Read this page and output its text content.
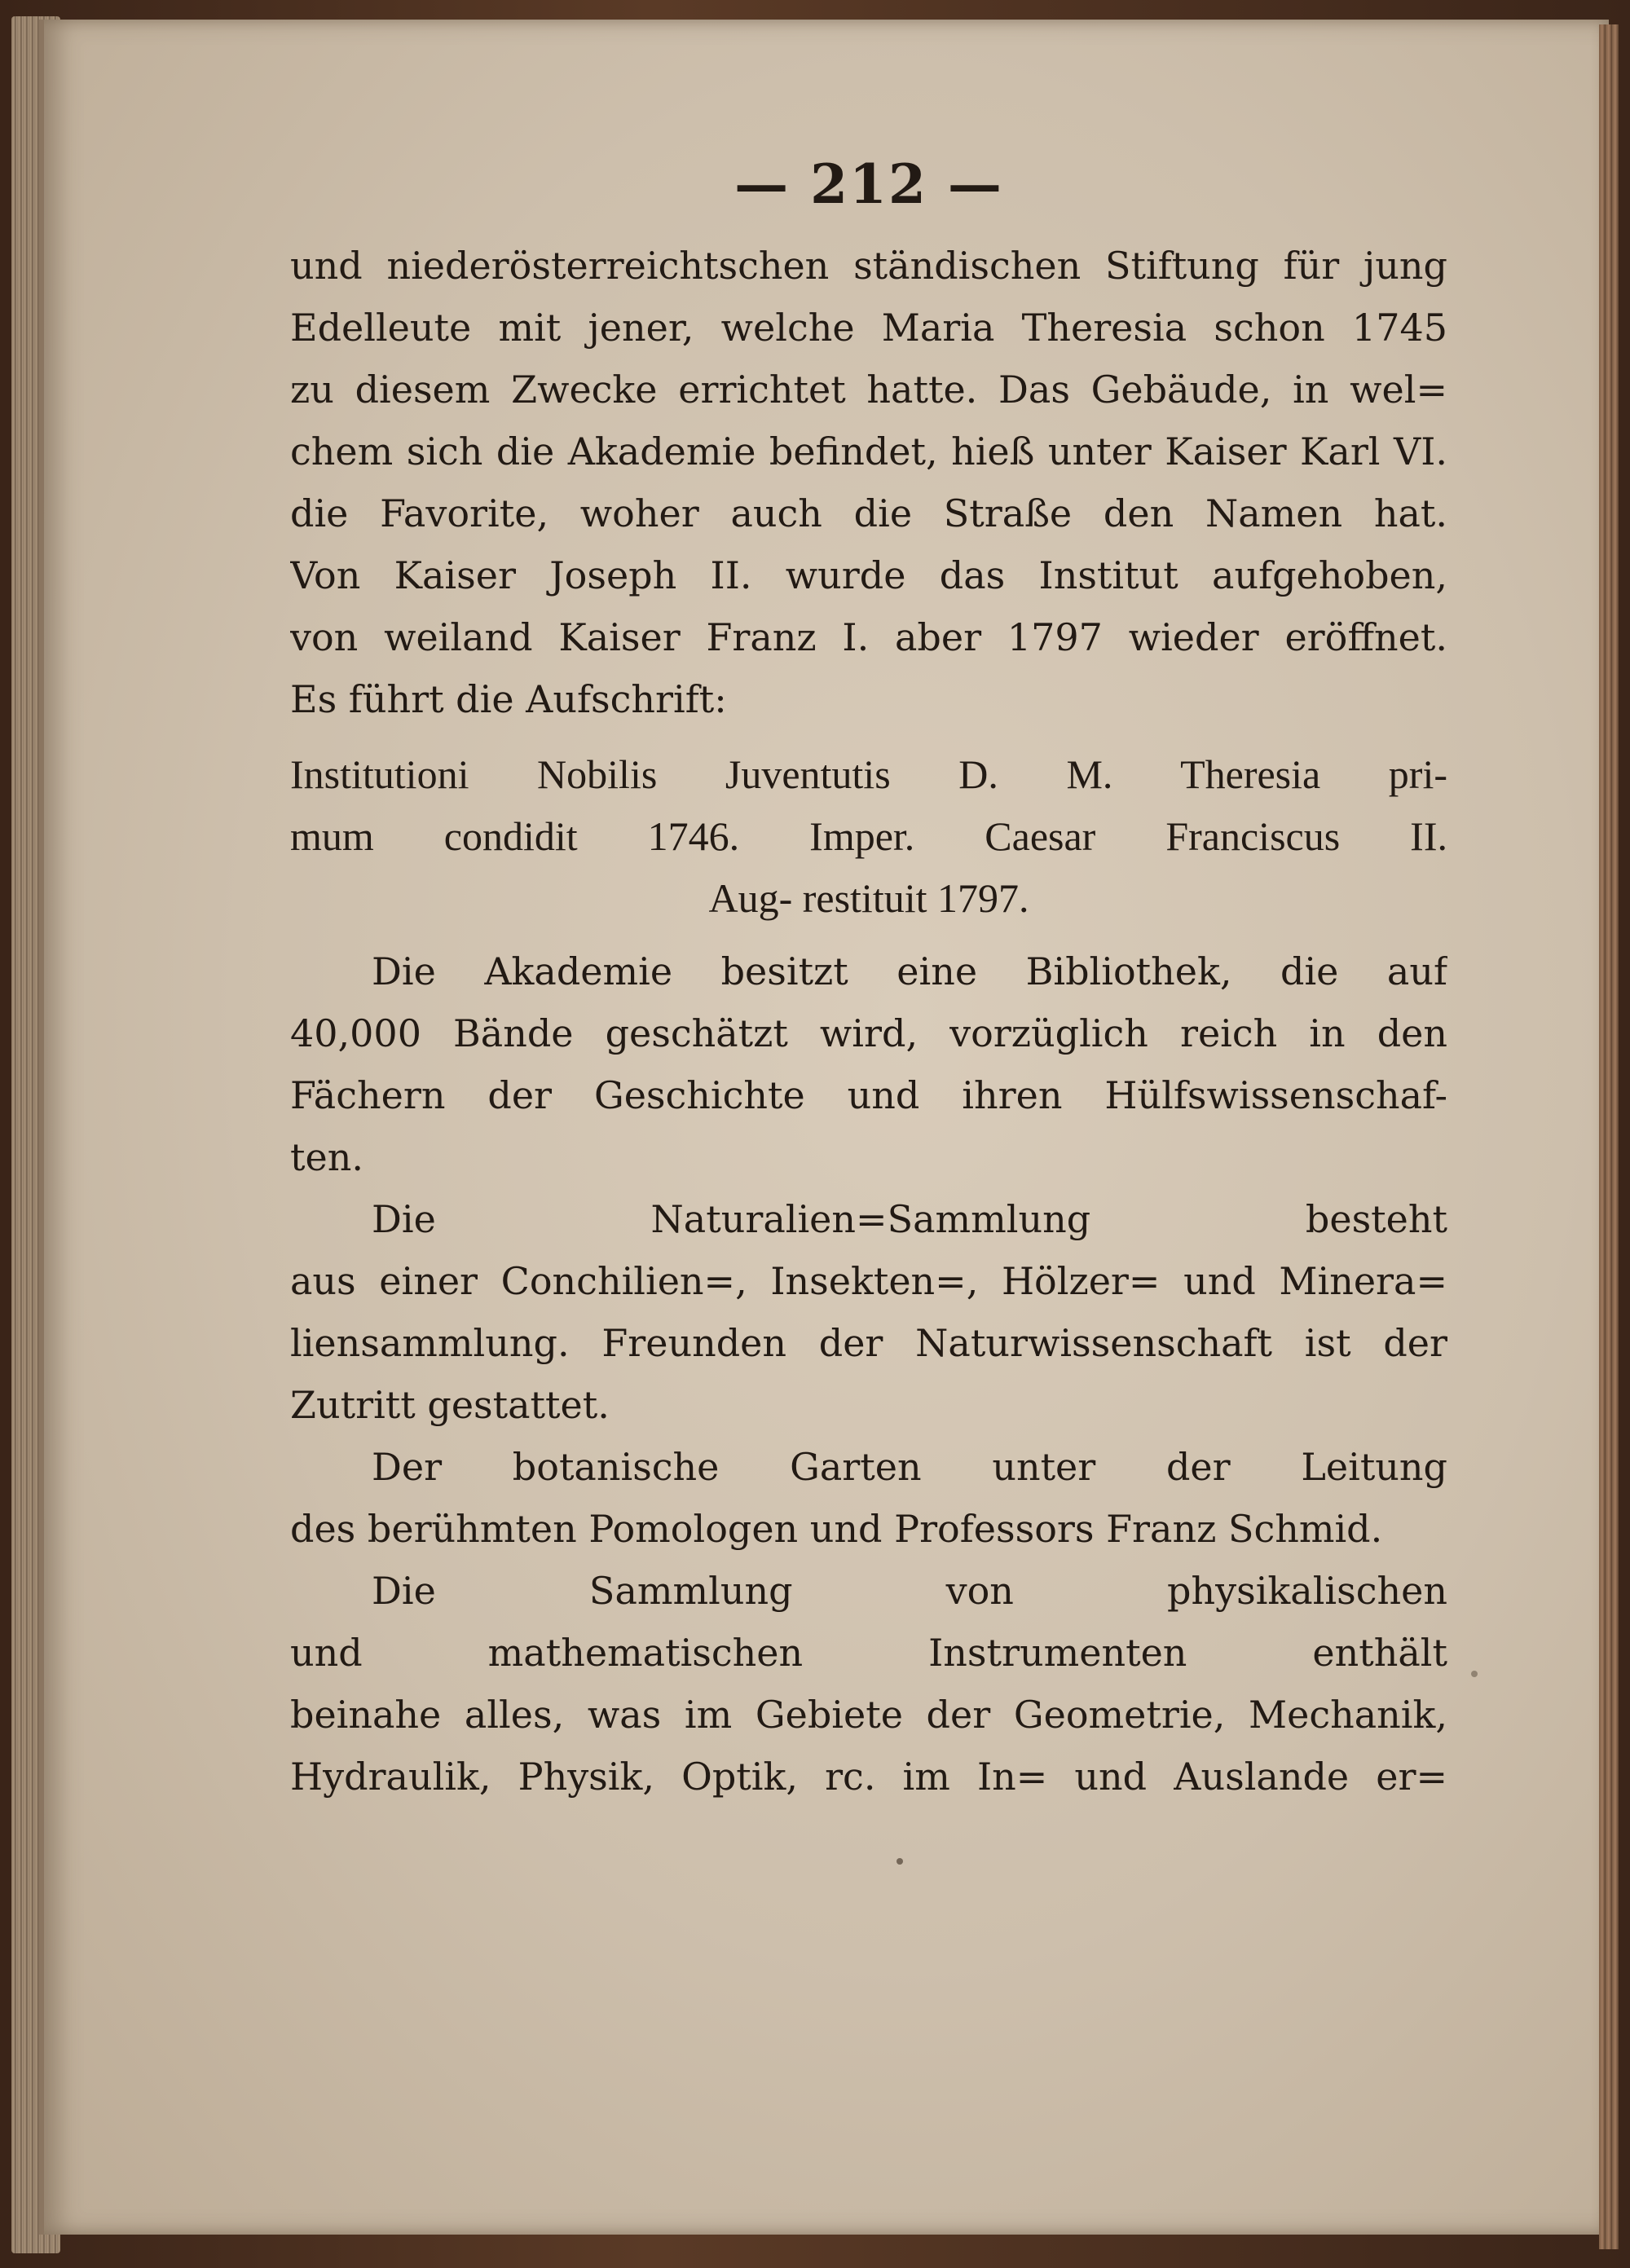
— 212 —
und niederösterreichtschen ständischen Stiftung für jung
Edelleute mit jener, welche Maria Theresia schon 1745
zu diesem Zwecke errichtet hatte. Das Gebäude, in wel=
chem sich die Akademie befindet, hieß unter Kaiser Karl VI.
die Favorite, woher auch die Straße den Namen hat.
Von Kaiser Joseph II. wurde das Institut aufgehoben,
von weiland Kaiser Franz I. aber 1797 wieder eröffnet.
Es führt die Aufschrift:
Institutioni Nobilis Juventutis D. M. Theresia pri-
mum condidit 1746. Imper. Caesar Franciscus II.
Aug- restituit 1797.
Die Akademie besitzt eine Bibliothek, die auf
40,000 Bände geschätzt wird, vorzüglich reich in den
Fächern der Geschichte und ihren Hülfswissenschaf-
ten.
Die Naturalien=Sammlung besteht
aus einer Conchilien=, Insekten=, Hölzer= und Minera=
liensammlung. Freunden der Naturwissenschaft ist der
Zutritt gestattet.
Der botanische Garten unter der Leitung
des berühmten Pomologen und Professors Franz Schmid.
Die Sammlung von physikalischen
und mathematischen Instrumenten enthält
beinahe alles, was im Gebiete der Geometrie, Mechanik,
Hydraulik, Physik, Optik, rc. im In= und Auslande er=
